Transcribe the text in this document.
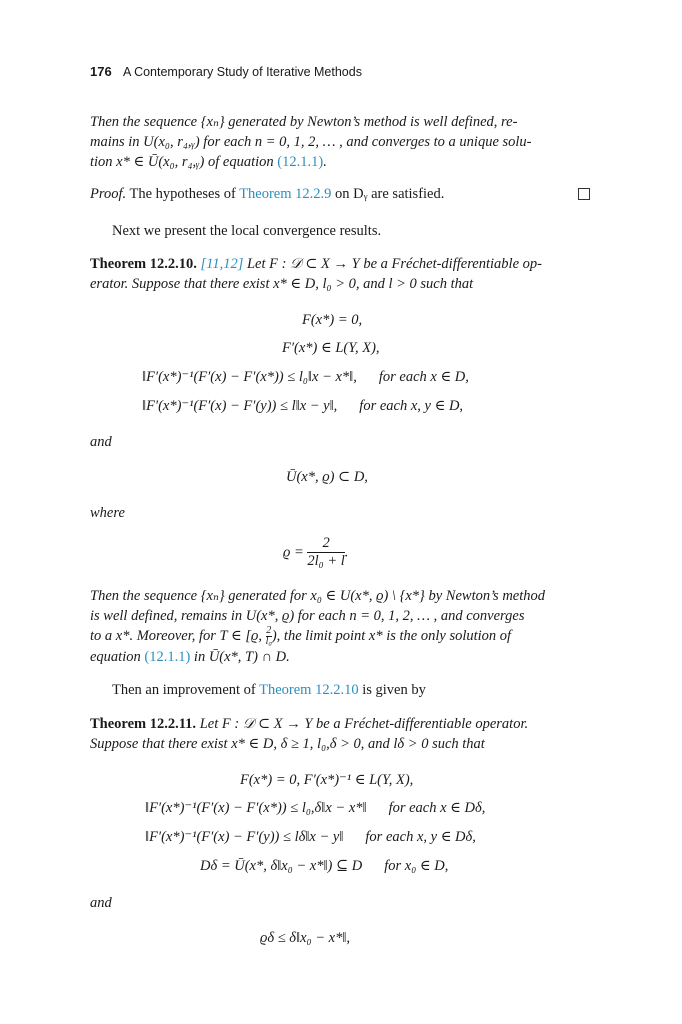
176 A Contemporary Study of Iterative Methods
Then the sequence {xₙ} generated by Newton’s method is well defined, re-
mains in U(x₀, r₄,ᵧ) for each n = 0, 1, 2, … , and converges to a unique solu-
tion x* ∈ Ū(x₀, r₄,ᵧ) of equation (12.1.1).
Proof. The hypotheses of Theorem 12.2.9 on Dᵧ are satisfied.
Next we present the local convergence results.
Theorem 12.2.10. [11,12] Let F : 𝒟 ⊂ X → Y be a Fréchet-differentiable op-
erator. Suppose that there exist x* ∈ D, l₀ > 0, and l > 0 such that
F(x*) = 0,
F′(x*) ∈ L(Y, X),
‖F′(x*)⁻¹(F′(x) − F′(x*)) ≤ l₀‖x − x*‖, for each x ∈ D,
‖F′(x*)⁻¹(F′(x) − F′(y)) ≤ l‖x − y‖, for each x, y ∈ D,
and
Ū(x*, ϱ) ⊂ D,
where
$ϱ = \frac{2}{\text{2l₀ + l}}$ .
Then the sequence {xₙ} generated for x₀ ∈ U(x*, ϱ) \ {x*} by Newton’s method
is well defined, remains in U(x*, ϱ) for each n = 0, 1, 2, … , and converges
to a x*. Moreover, for T ∈ [ϱ, $\frac{2}{\text{l₀}}$ ), the limit point x* is the only solution of
equation (12.1.1) in Ū(x*, T) ∩ D.
Then an improvement of Theorem 12.2.10 is given by
Theorem 12.2.11. Let F : 𝒟 ⊂ X → Y be a Fréchet-differentiable operator.
Suppose that there exist x* ∈ D, δ ≥ 1, l₀,δ > 0, and lδ > 0 such that
F(x*) = 0, F′(x*)⁻¹ ∈ L(Y, X),
‖F′(x*)⁻¹(F′(x) − F′(x*)) ≤ l₀,δ‖x − x*‖ for each x ∈ Dδ,
‖F′(x*)⁻¹(F′(x) − F′(y)) ≤ lδ‖x − y‖ for each x, y ∈ Dδ,
Dδ = Ū(x*, δ‖x₀ − x*‖) ⊆ D for x₀ ∈ D,
and
ϱδ ≤ δ‖x₀ − x*‖,
